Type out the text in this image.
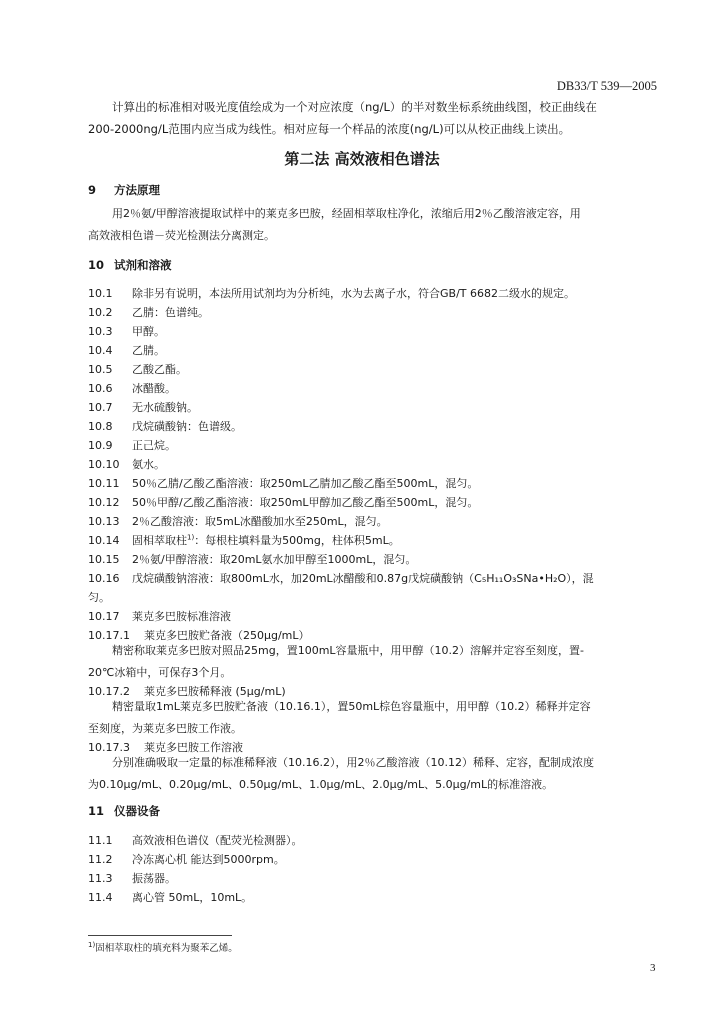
DB33/T 539—2005

计算出的标准相对吸光度值绘成为一个对应浓度（ng/L）的半对数坐标系统曲线图，校正曲线在

200-2000ng/L范围内应当成为线性。相对应每一个样品的浓度(ng/L)可以从校正曲线上读出。

第二法 高效液相色谱法
9 方法原理

用2％氨/甲醇溶液提取试样中的莱克多巴胺，经固相萃取柱净化，浓缩后用2％乙酸溶液定容，用

高效液相色谱－荧光检测法分离测定。

10 试剂和溶液
10.1 除非另有说明，本法所用试剂均为分析纯，水为去离子水，符合GB/T 6682二级水的规定。
10.2 乙腈：色谱纯。
10.3 甲醇。
10.4 乙腈。
10.5 乙酸乙酯。
10.6 冰醋酸。
10.7 无水硫酸钠。
10.8 戊烷磺酸钠：色谱级。
10.9 正己烷。
10.10 氨水。
10.11 50％乙腈/乙酸乙酯溶液：取250mL乙腈加乙酸乙酯至500mL，混匀。
10.12 50％甲醇/乙酸乙酯溶液：取250mL甲醇加乙酸乙酯至500mL，混匀。
10.13 2％乙酸溶液：取5mL冰醋酸加水至250mL，混匀。
10.14 固相萃取柱$^{1)}$：每根柱填料量为500mg，柱体积5mL。
10.15 2％氨/甲醇溶液：取20mL氨水加甲醇至1000mL，混匀。
10.16 戊烷磺酸钠溶液：取800mL水，加20mL冰醋酸和0.87g戊烷磺酸钠（C₅H₁₁O₃SNa•H₂O），混
匀。
10.17 莱克多巴胺标准溶液
10.17.1 莱克多巴胺贮备液（250μg/mL）

精密称取莱克多巴胺对照品25mg，置100mL容量瓶中，用甲醇（10.2）溶解并定容至刻度，置-

20℃冰箱中，可保存3个月。

10.17.2 莱克多巴胺稀释液 (5μg/mL)

精密量取1mL莱克多巴胺贮备液（10.16.1），置50mL棕色容量瓶中，用甲醇（10.2）稀释并定容

至刻度，为莱克多巴胺工作液。

10.17.3 莱克多巴胺工作溶液

分别准确吸取一定量的标准稀释液（10.16.2），用2％乙酸溶液（10.12）稀释、定容，配制成浓度

为0.10μg/mL、0.20μg/mL、0.50μg/mL、1.0μg/mL、2.0μg/mL、5.0μg/mL的标准溶液。

11 仪器设备
11.1 高效液相色谱仪（配荧光检测器）。
11.2 冷冻离心机 能达到5000rpm。
11.3 振荡器。
11.4 离心管 50mL，10mL。
$^{1)}$固相萃取柱的填充料为聚苯乙烯。
3
